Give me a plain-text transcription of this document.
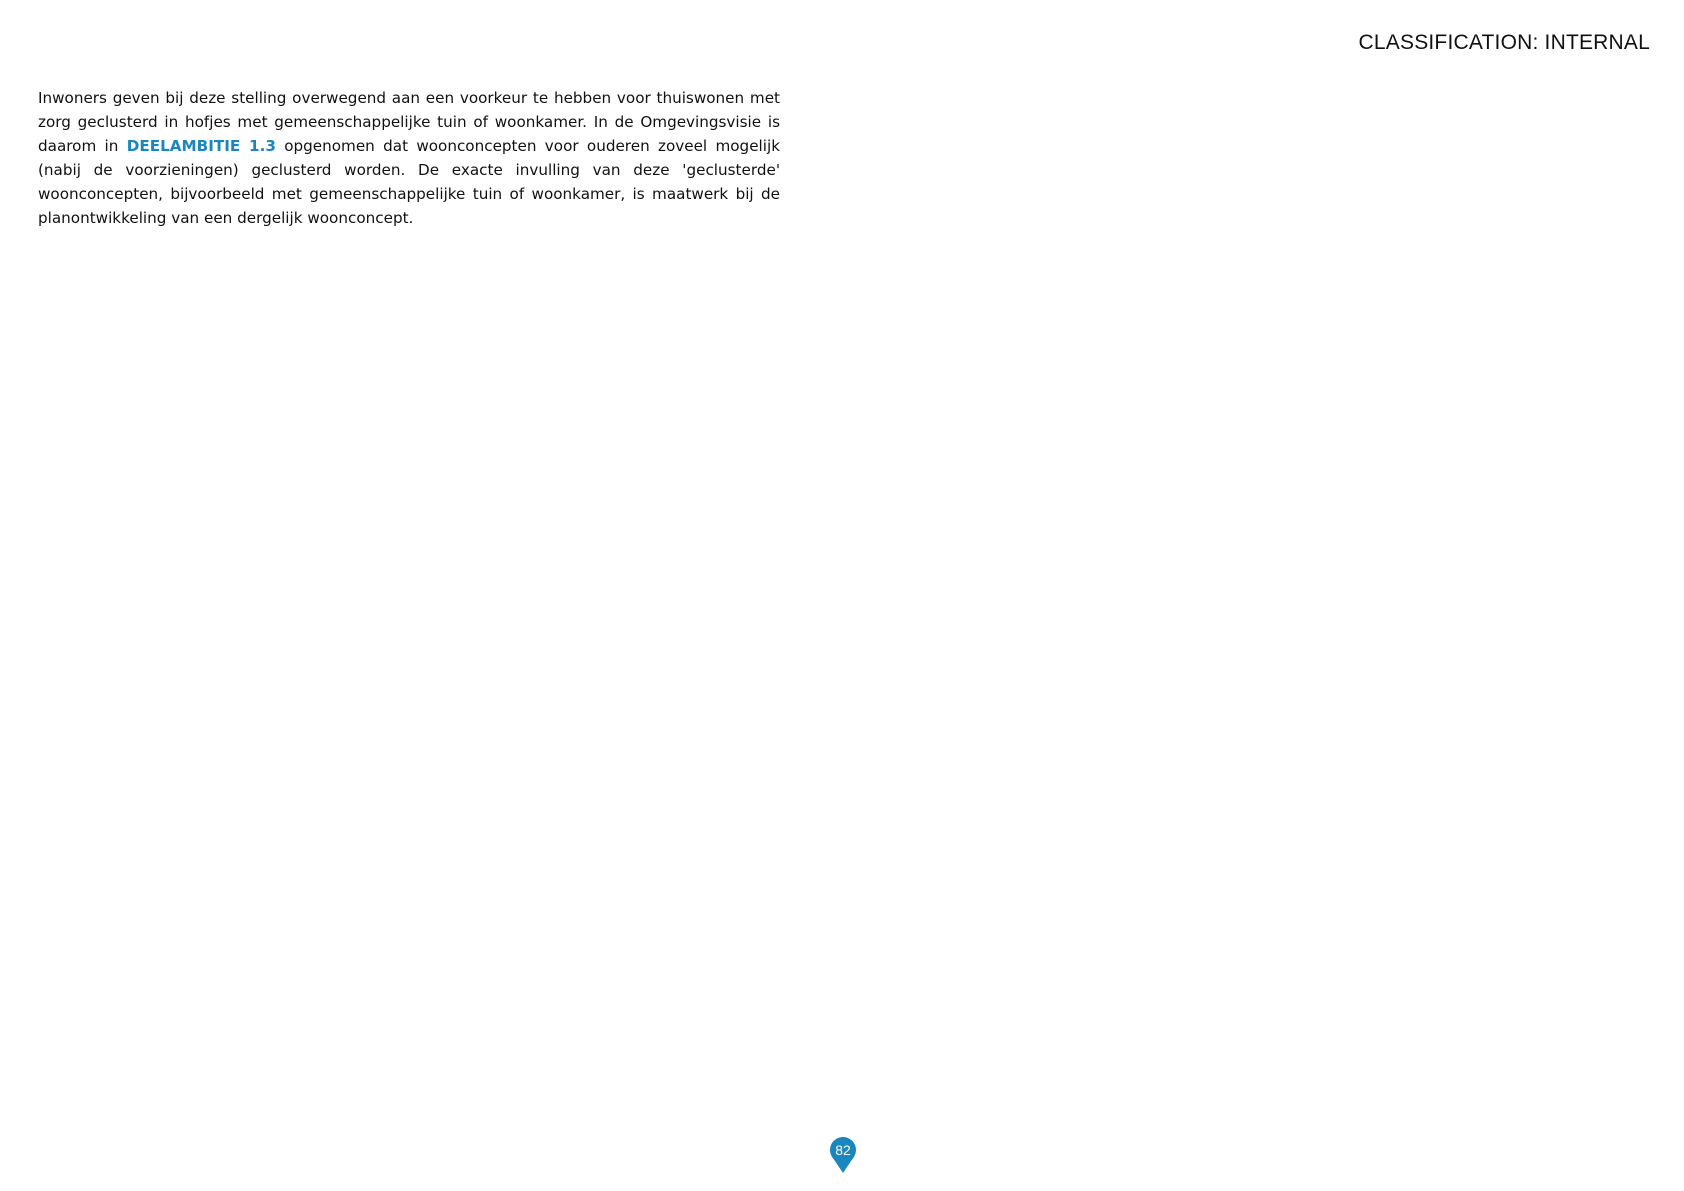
CLASSIFICATION: INTERNAL

Inwoners geven bij deze stelling overwegend aan een voorkeur te hebben voor thuiswonen met zorg geclusterd in hofjes met gemeenschappelijke tuin of woonkamer. In de Omgevingsvisie is daarom in DEELAMBITIE 1.3 opgenomen dat woonconcepten voor ouderen zoveel mogelijk (nabij de voorzieningen) geclusterd worden. De exacte invulling van deze 'geclusterde' woonconcepten, bijvoorbeeld met gemeenschappelijke tuin of woonkamer, is maatwerk bij de planontwikkeling van een dergelijk woonconcept.

82
